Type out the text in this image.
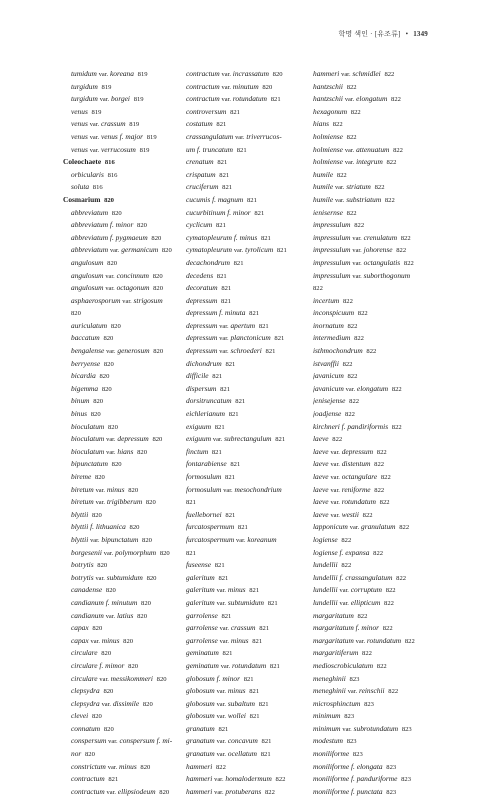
학명 색인 · [유조류] • 1349
tumidum var. koreana 819
turgidum 819
turgidum var. borgei 819
venus 819
venus var. crassum 819
venus var. venus f. major 819
venus var. verrucosum 819
Coleochaete 816
orbicularis 816
soluta 816
Cosmarium 820
abbreviatum 820
abbreviatum f. minor 820
abbreviatum f. pygmaeum 820
abbreviatum var. germanicum 820
angulosum 820
angulosum var. concinnum 820
angulosum var. octagonum 820
asphaerosporum var. strigosum
820
auriculatum 820
baccatum 820
bengalense var. generosum 820
berryense 820
bicardia 820
bigemma 820
binum 820
binus 820
bioculatum 820
bioculatum var. depressum 820
bioculatum var. hians 820
bipunctatum 820
bireme 820
biretum var. minus 820
biretum var. trigibberum 820
blyttii 820
blyttii f. lithuanica 820
blyttii var. bipunctatum 820
borgesenii var. polymorphum 820
botrytis 820
botrytis var. subtumidum 820
canadense 820
candianum f. minutum 820
candianum var. latius 820
capax 820
capax var. minus 820
circulare 820
circulare f. mimor 820
circulare var. messikommeri 820
clepsydra 820
clepsydra var. dissimile 820
clevei 820
connatum 820
conspersum var. conspersum f. mi-
nor 820
constrictum var. minus 820
contractum 821
contractum var. ellipsiodeum 820
contractum var. incrassatum 820
contractum var. minutum 820
contractum var. rotundatum 821
controversum 821
costatum 821
crassangulatum var. triverrucos-
um f. truncatum 821
crenatum 821
crispatum 821
cruciferum 821
cucumis f. magnum 821
cucurbitinum f. minor 821
cyclicum 821
cymatopleurum f. minus 821
cymatopleurum var. tyrolicum 821
decachondrum 821
decedens 821
decoratum 821
depressum 821
depressum f. minuta 821
depressum var. apertum 821
depressum var. planctonicum 821
depressum var. schroederi 821
dichondrum 821
difficile 821
dispersum 821
dorsitruncatum 821
eichlerianum 821
exiguum 821
exiguum var. subrectangulum 821
finctum 821
fontarabiense 821
formosulum 821
formosulum var. mesochondrium
821
fuellebornei 821
furcatospermum 821
furcatospermum var. koreanum
821
fuseense 821
galeritum 821
galeritum var. minus 821
galeritum var. subtumidum 821
garrolense 821
garrolense var. crassum 821
garrolense var. minus 821
geminatum 821
geminatum var. rotundatum 821
globosum f. minor 821
globosum var. minus 821
globosum var. subaltum 821
globosum var. wollei 821
granatum 821
granatum var. concavum 821
granatum var. ocellatum 821
hammeri 822
hammeri var. homalodermum 822
hammeri var. protuberans 822
hammeri var. schmidlei 822
hantzschii 822
hantzschii var. elongatum 822
hexagonum 822
hians 822
holmiense 822
holmiense var. attenuatum 822
holmiense var. integrum 822
humile 822
humile var. striatum 822
humile var. substriatum 822
ienisernse 822
impressulum 822
impressulum var. crenulatum 822
impressulum var. johorense 822
impressulum var. octangulatis 822
impressulum var. suborthogonum
822
incertum 822
inconspicuum 822
inornatum 822
intermedium 822
isthmochondrum 822
istvanffii 822
javanicum 822
javanicum var. elongatum 822
jenisejense 822
joadjense 822
kirchneri f. pandiriformis 822
laeve 822
laeve var. depressum 822
laeve var. distentum 822
laeve var. octangulare 822
laeve var. reniforme 822
laeve var. rotundatum 822
laeve var. westii 822
lapponicum var. granulatum 822
logiense 822
logiense f. expansa 822
lundellii 822
lundellii f. crassangulatum 822
lundellii var. corruptum 822
lundellii var. ellipticum 822
margaritatum 822
margaritatum f. minor 822
margaritatum var. rotundatum 822
margaritiferum 822
medioscrobiculatum 822
meneghinii 823
meneghinii var. reinschii 822
microsphinctum 823
minimum 823
minimum var. subrotundatum 823
modestum 823
moniliforme 823
moniliforme f. elongata 823
moniliforme f. panduriforme 823
moniliforme f. punctata 823
